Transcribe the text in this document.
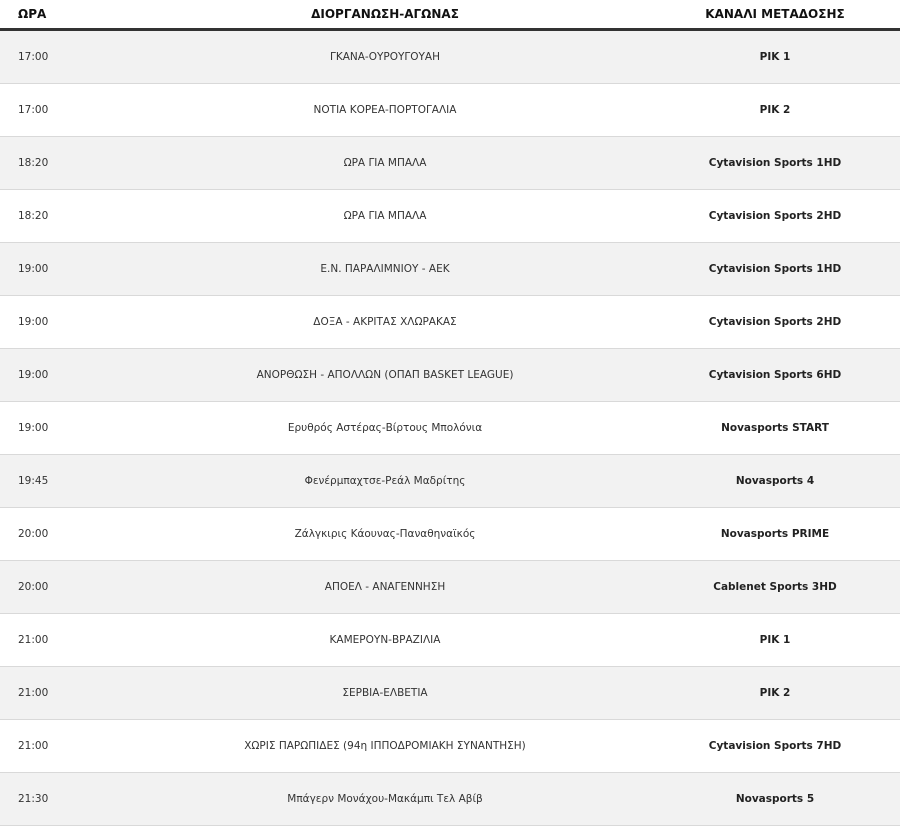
ΩΡΑ	ΔΙΟΡΓΑΝΩΣΗ-ΑΓΩΝΑΣ	ΚΑΝΑΛΙ ΜΕΤΑΔΟΣΗΣ
17:00	ΓΚΑΝΑ-ΟΥΡΟΥΓΟΥΑΗ	ΡΙΚ 1
17:00	ΝΟΤΙΑ ΚΟΡΕΑ-ΠΟΡΤΟΓΑΛΙΑ	ΡΙΚ 2
18:20	ΩΡΑ ΓΙΑ ΜΠΑΛΑ	Cytavision Sports 1HD
18:20	ΩΡΑ ΓΙΑ ΜΠΑΛΑ	Cytavision Sports 2HD
19:00	Ε.Ν. ΠΑΡΑΛΙΜΝΙΟΥ - ΑΕΚ	Cytavision Sports 1HD
19:00	ΔΟΞΑ - ΑΚΡΙΤΑΣ ΧΛΩΡΑΚΑΣ	Cytavision Sports 2HD
19:00	ΑΝΟΡΘΩΣΗ - ΑΠΟΛΛΩΝ (ΟΠΑΠ BASKET LEAGUE)	Cytavision Sports 6HD
19:00	Ερυθρός Αστέρας-Βίρτους Μπολόνια	Novasports START
19:45	Φενέρμπαχτσε-Ρεάλ Μαδρίτης	Novasports 4
20:00	Ζάλγκιρις Κάουνας-Παναθηναϊκός	Novasports PRIME
20:00	ΑΠΟΕΛ - ΑΝΑΓΕΝΝΗΣΗ	Cablenet Sports 3HD
21:00	ΚΑΜΕΡΟΥΝ-ΒΡΑΖΙΛΙΑ	ΡΙΚ 1
21:00	ΣΕΡΒΙΑ-ΕΛΒΕΤΙΑ	ΡΙΚ 2
21:00	ΧΩΡΙΣ ΠΑΡΩΠΙΔΕΣ (94η ΙΠΠΟΔΡΟΜΙΑΚΗ ΣΥΝΑΝΤΗΣΗ)	Cytavision Sports 7HD
21:30	Μπάγερν Μονάχου-Μακάμπι Τελ Αβίβ	Novasports 5
